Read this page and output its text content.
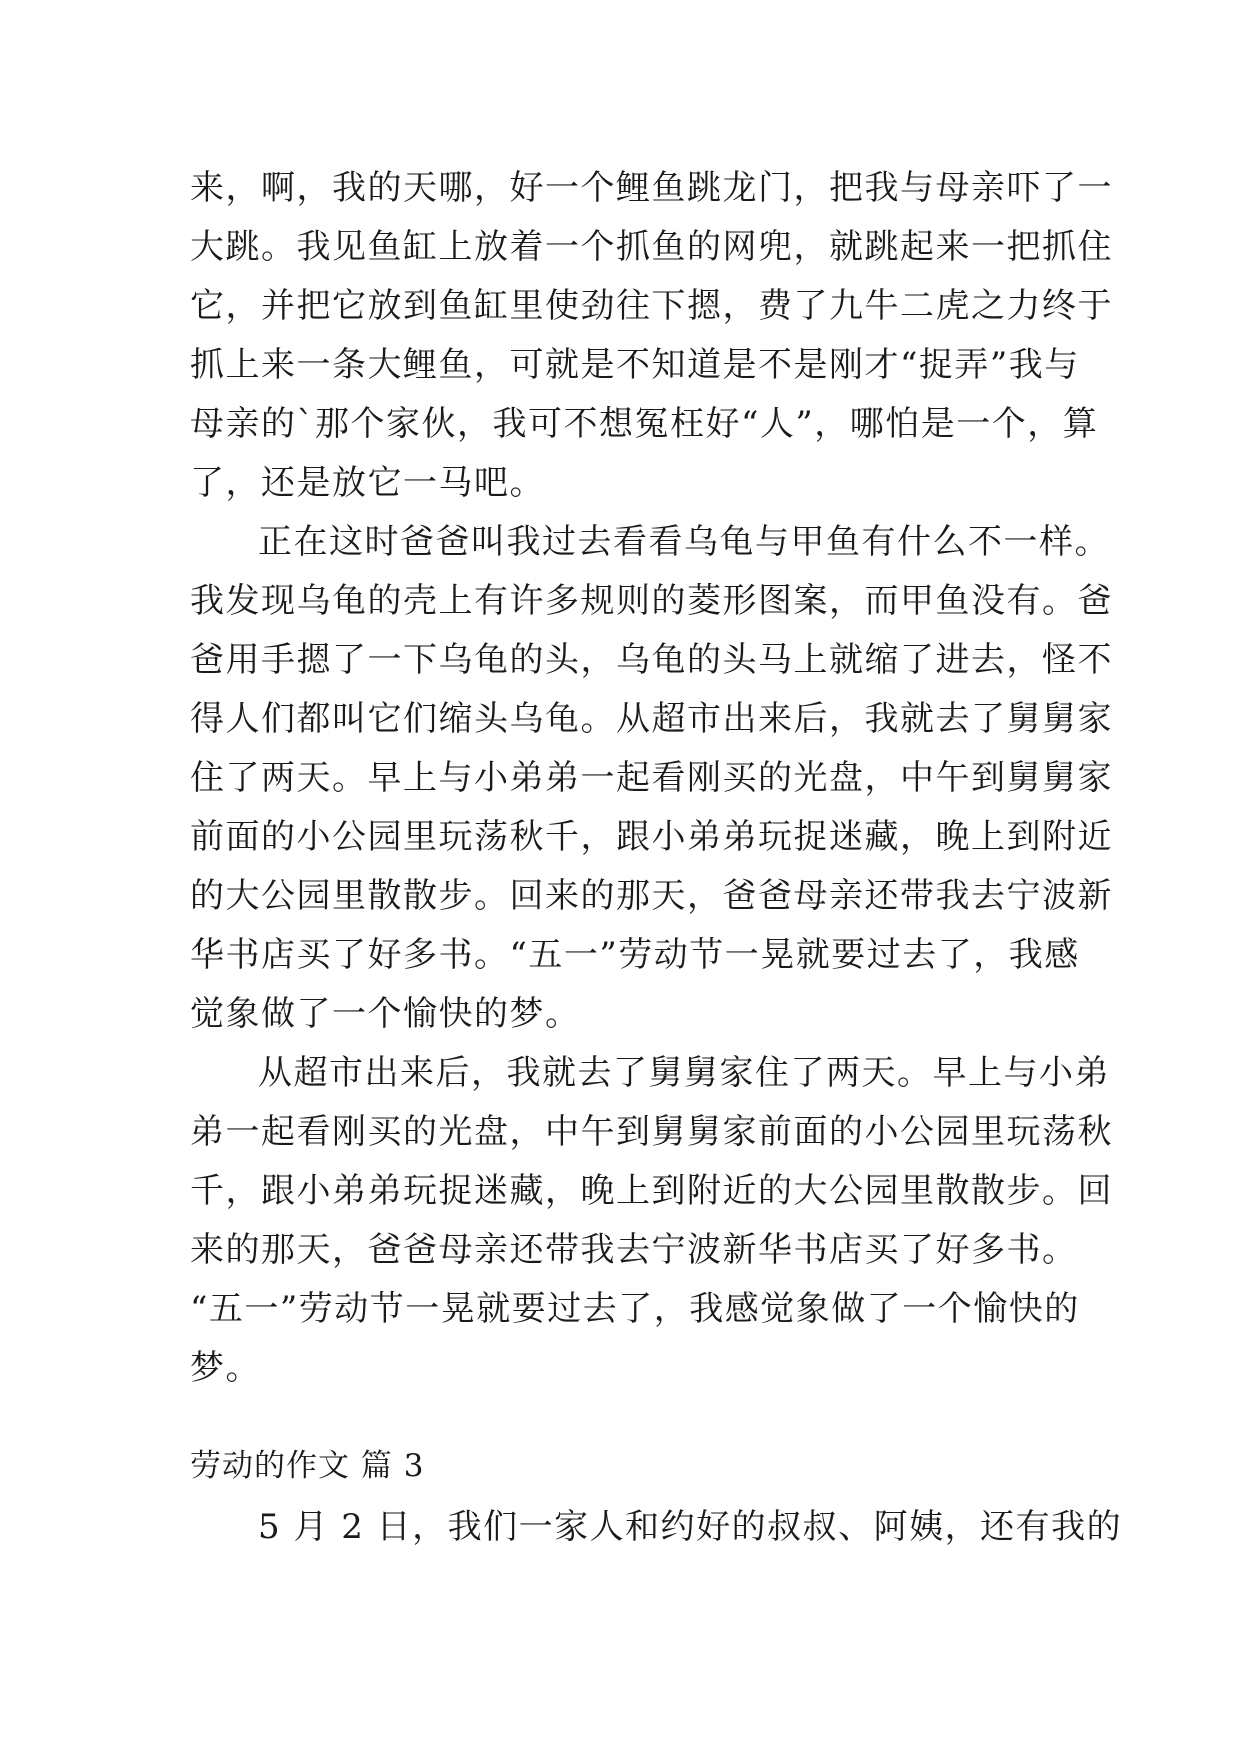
来，啊，我的天哪，好一个鲤鱼跳龙门，把我与母亲吓了一
大跳。我见鱼缸上放着一个抓鱼的网兜，就跳起来一把抓住
它，并把它放到鱼缸里使劲往下摁，费了九牛二虎之力终于
抓上来一条大鲤鱼，可就是不知道是不是刚才“捉弄”我与
母亲的`那个家伙，我可不想冤枉好“人”，哪怕是一个，算
了，还是放它一马吧。
正在这时爸爸叫我过去看看乌龟与甲鱼有什么不一样。
我发现乌龟的壳上有许多规则的菱形图案，而甲鱼没有。爸
爸用手摁了一下乌龟的头，乌龟的头马上就缩了进去，怪不
得人们都叫它们缩头乌龟。从超市出来后，我就去了舅舅家
住了两天。早上与小弟弟一起看刚买的光盘，中午到舅舅家
前面的小公园里玩荡秋千，跟小弟弟玩捉迷藏，晚上到附近
的大公园里散散步。回来的那天，爸爸母亲还带我去宁波新
华书店买了好多书。“五一”劳动节一晃就要过去了，我感
觉象做了一个愉快的梦。
从超市出来后，我就去了舅舅家住了两天。早上与小弟
弟一起看刚买的光盘，中午到舅舅家前面的小公园里玩荡秋
千，跟小弟弟玩捉迷藏，晚上到附近的大公园里散散步。回
来的那天，爸爸母亲还带我去宁波新华书店买了好多书。
“五一”劳动节一晃就要过去了，我感觉象做了一个愉快的
梦。
劳动的作文 篇 3
5 月 2 日，我们一家人和约好的叔叔、阿姨，还有我的
